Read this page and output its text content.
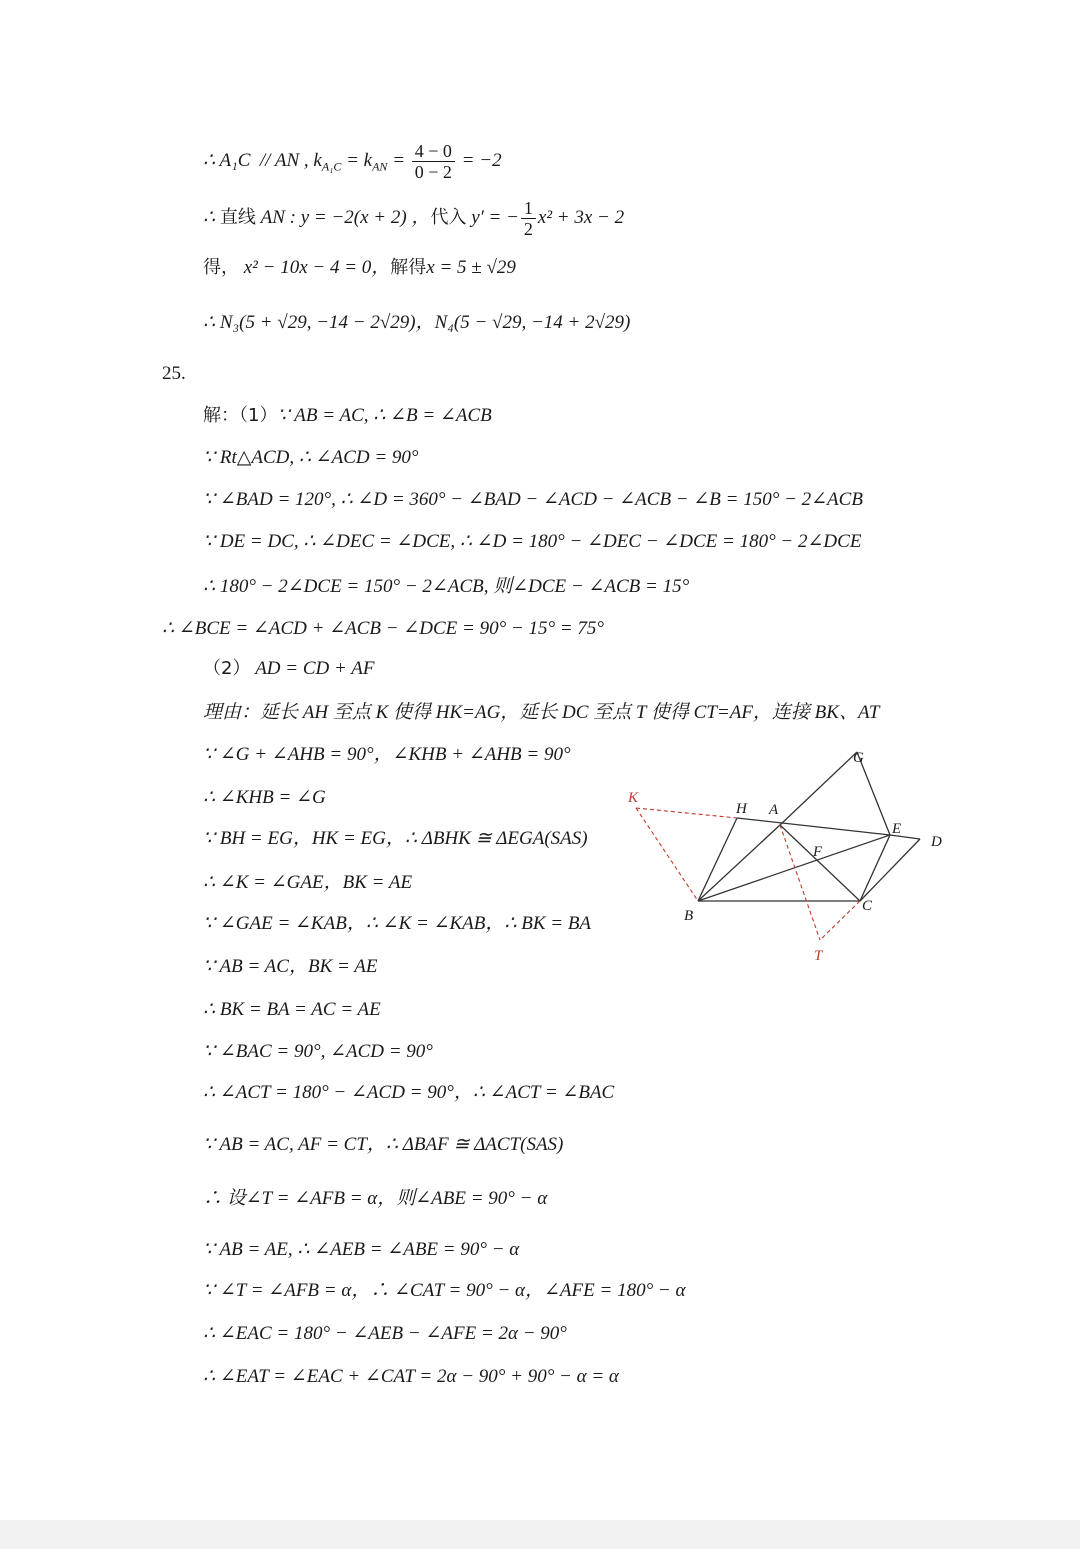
∴ A₁C  // AN , $k_{A_1C} = k_{AN} = \frac{4 - 0}{0 - 2} = -2$
∴ 直线 AN : y = −2(x + 2) ，代入 y′ = − $\frac{1}{2} x^2 + 3x - 2$
得， x² − 10x − 4 = 0，解得x = 5 ± √29
∴ N₃(5 + √29, −14 − 2√29)，N₄(5 − √29, −14 + 2√29)
25.
解：（1）∵ AB = AC, ∴ ∠B = ∠ACB
∵ Rt△ACD, ∴ ∠ACD = 90°
∵ ∠BAD = 120°, ∴ ∠D = 360° − ∠BAD − ∠ACD − ∠ACB − ∠B = 150° − 2∠ACB
∵ DE = DC, ∴ ∠DEC = ∠DCE, ∴ ∠D = 180° − ∠DEC − ∠DCE = 180° − 2∠DCE
∴ 180° − 2∠DCE = 150° − 2∠ACB, 则∠DCE − ∠ACB = 15°
∴ ∠BCE = ∠ACD + ∠ACB − ∠DCE = 90° − 15° = 75°
（2） AD = CD + AF
理由：延长 AH 至点 K 使得 HK=AG，延长 DC 至点 T 使得 CT=AF，连接 BK、AT
∵ ∠G + ∠AHB = 90°，∠KHB + ∠AHB = 90°
∴ ∠KHB = ∠G
∵ BH = EG，HK = EG，∴ ΔBHK ≅ ΔEGA(SAS)
∴ ∠K = ∠GAE，BK = AE
∵ ∠GAE = ∠KAB，∴ ∠K = ∠KAB，∴ BK = BA
∵ AB = AC，BK = AE
∴ BK = BA = AC = AE
∵ ∠BAC = 90°, ∠ACD = 90°
∴ ∠ACT = 180° − ∠ACD = 90°，∴ ∠ACT = ∠BAC
∵ AB = AC, AF = CT，∴ ΔBAF ≅ ΔACT(SAS)
∴ 设∠T = ∠AFB = α，则∠ABE = 90° − α
∵ AB = AE, ∴ ∠AEB = ∠ABE = 90° − α
∵ ∠T = ∠AFB = α，∴ ∠CAT = 90° − α，∠AFE = 180° − α
∴ ∠EAC = 180° − ∠AEB − ∠AFE = 2α − 90°
∴ ∠EAT = ∠EAC + ∠CAT = 2α − 90° + 90° − α = α
G
K
H A
E
D
F
B
C
T
